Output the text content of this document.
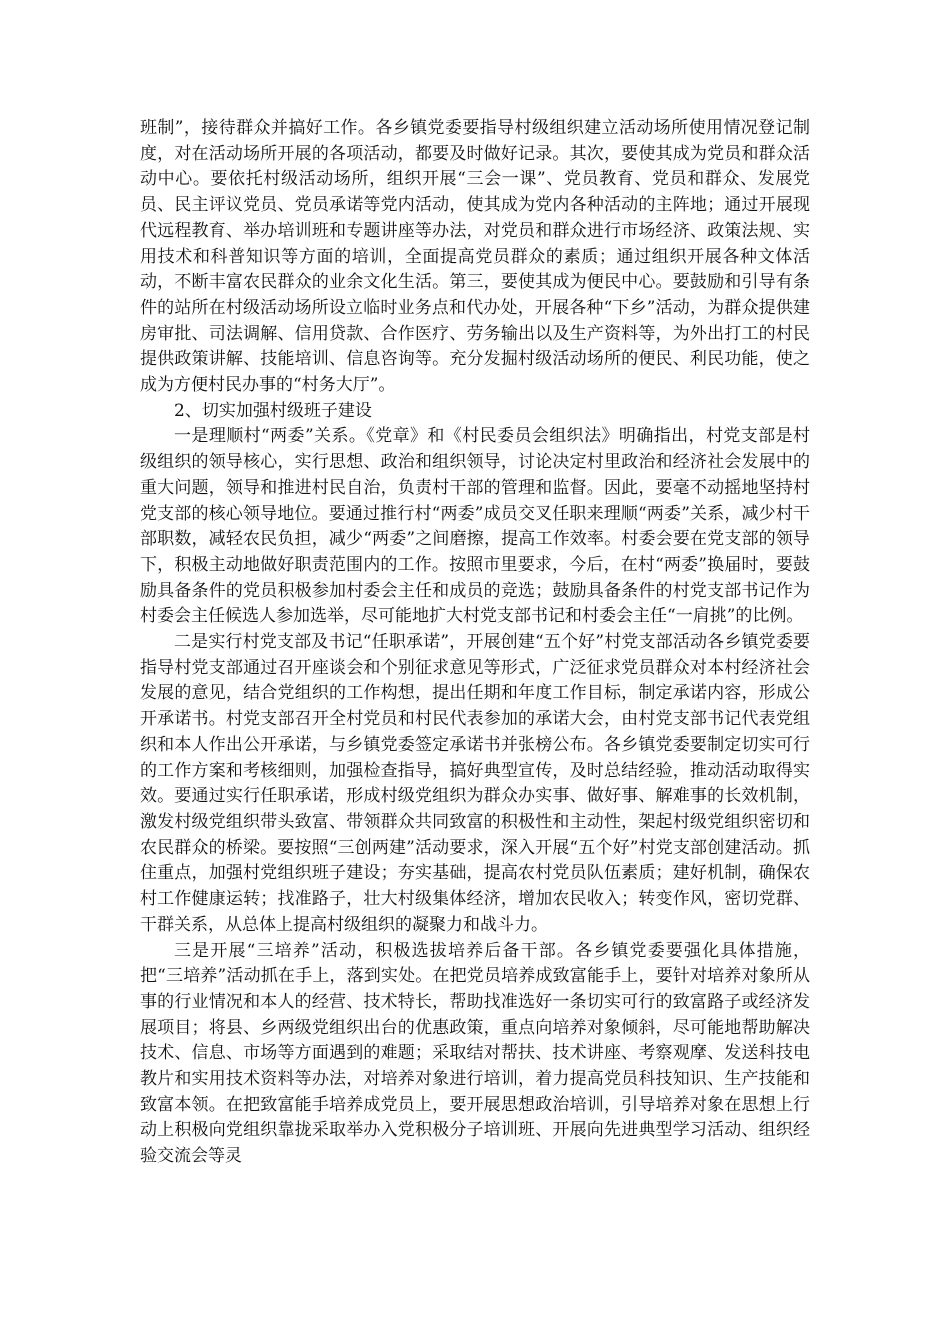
班制”，接待群众并搞好工作。各乡镇党委要指导村级组织建立活动场所使用情况登记制度，对在活动场所开展的各项活动，都要及时做好记录。其次，要使其成为党员和群众活动中心。要依托村级活动场所，组织开展“三会一课”、党员教育、党员和群众、发展党员、民主评议党员、党员承诺等党内活动，使其成为党内各种活动的主阵地；通过开展现代远程教育、举办培训班和专题讲座等办法，对党员和群众进行市场经济、政策法规、实用技术和科普知识等方面的培训，全面提高党员群众的素质；通过组织开展各种文体活动，不断丰富农民群众的业余文化生活。第三，要使其成为便民中心。要鼓励和引导有条件的站所在村级活动场所设立临时业务点和代办处，开展各种“下乡”活动，为群众提供建房审批、司法调解、信用贷款、合作医疗、劳务输出以及生产资料等，为外出打工的村民提供政策讲解、技能培训、信息咨询等。充分发掘村级活动场所的便民、利民功能，使之成为方便村民办事的“村务大厅”。

2、切实加强村级班子建设

一是理顺村“两委”关系。《党章》和《村民委员会组织法》明确指出，村党支部是村级组织的领导核心，实行思想、政治和组织领导，讨论决定村里政治和经济社会发展中的重大问题，领导和推进村民自治，负责村干部的管理和监督。因此，要毫不动摇地坚持村党支部的核心领导地位。要通过推行村“两委”成员交叉任职来理顺“两委”关系，减少村干部职数，减轻农民负担，减少“两委”之间磨擦，提高工作效率。村委会要在党支部的领导下，积极主动地做好职责范围内的工作。按照市里要求，今后，在村“两委”换届时，要鼓励具备条件的党员积极参加村委会主任和成员的竞选；鼓励具备条件的村党支部书记作为村委会主任候选人参加选举，尽可能地扩大村党支部书记和村委会主任“一肩挑”的比例。

二是实行村党支部及书记“任职承诺”，开展创建“五个好”村党支部活动各乡镇党委要指导村党支部通过召开座谈会和个别征求意见等形式，广泛征求党员群众对本村经济社会发展的意见，结合党组织的工作构想，提出任期和年度工作目标，制定承诺内容，形成公开承诺书。村党支部召开全村党员和村民代表参加的承诺大会，由村党支部书记代表党组织和本人作出公开承诺，与乡镇党委签定承诺书并张榜公布。各乡镇党委要制定切实可行的工作方案和考核细则，加强检查指导，搞好典型宣传，及时总结经验，推动活动取得实效。要通过实行任职承诺，形成村级党组织为群众办实事、做好事、解难事的长效机制，激发村级党组织带头致富、带领群众共同致富的积极性和主动性，架起村级党组织密切和农民群众的桥梁。要按照“三创两建”活动要求，深入开展“五个好”村党支部创建活动。抓住重点，加强村党组织班子建设；夯实基础，提高农村党员队伍素质；建好机制，确保农村工作健康运转；找准路子，壮大村级集体经济，增加农民收入；转变作风，密切党群、干群关系，从总体上提高村级组织的凝聚力和战斗力。

三是开展“三培养”活动，积极选拔培养后备干部。各乡镇党委要强化具体措施，把“三培养”活动抓在手上，落到实处。在把党员培养成致富能手上，要针对培养对象所从事的行业情况和本人的经营、技术特长，帮助找准选好一条切实可行的致富路子或经济发展项目；将县、乡两级党组织出台的优惠政策，重点向培养对象倾斜，尽可能地帮助解决技术、信息、市场等方面遇到的难题；采取结对帮扶、技术讲座、考察观摩、发送科技电教片和实用技术资料等办法，对培养对象进行培训，着力提高党员科技知识、生产技能和致富本领。在把致富能手培养成党员上，要开展思想政治培训，引导培养对象在思想上行动上积极向党组织靠拢采取举办入党积极分子培训班、开展向先进典型学习活动、组织经验交流会等灵
